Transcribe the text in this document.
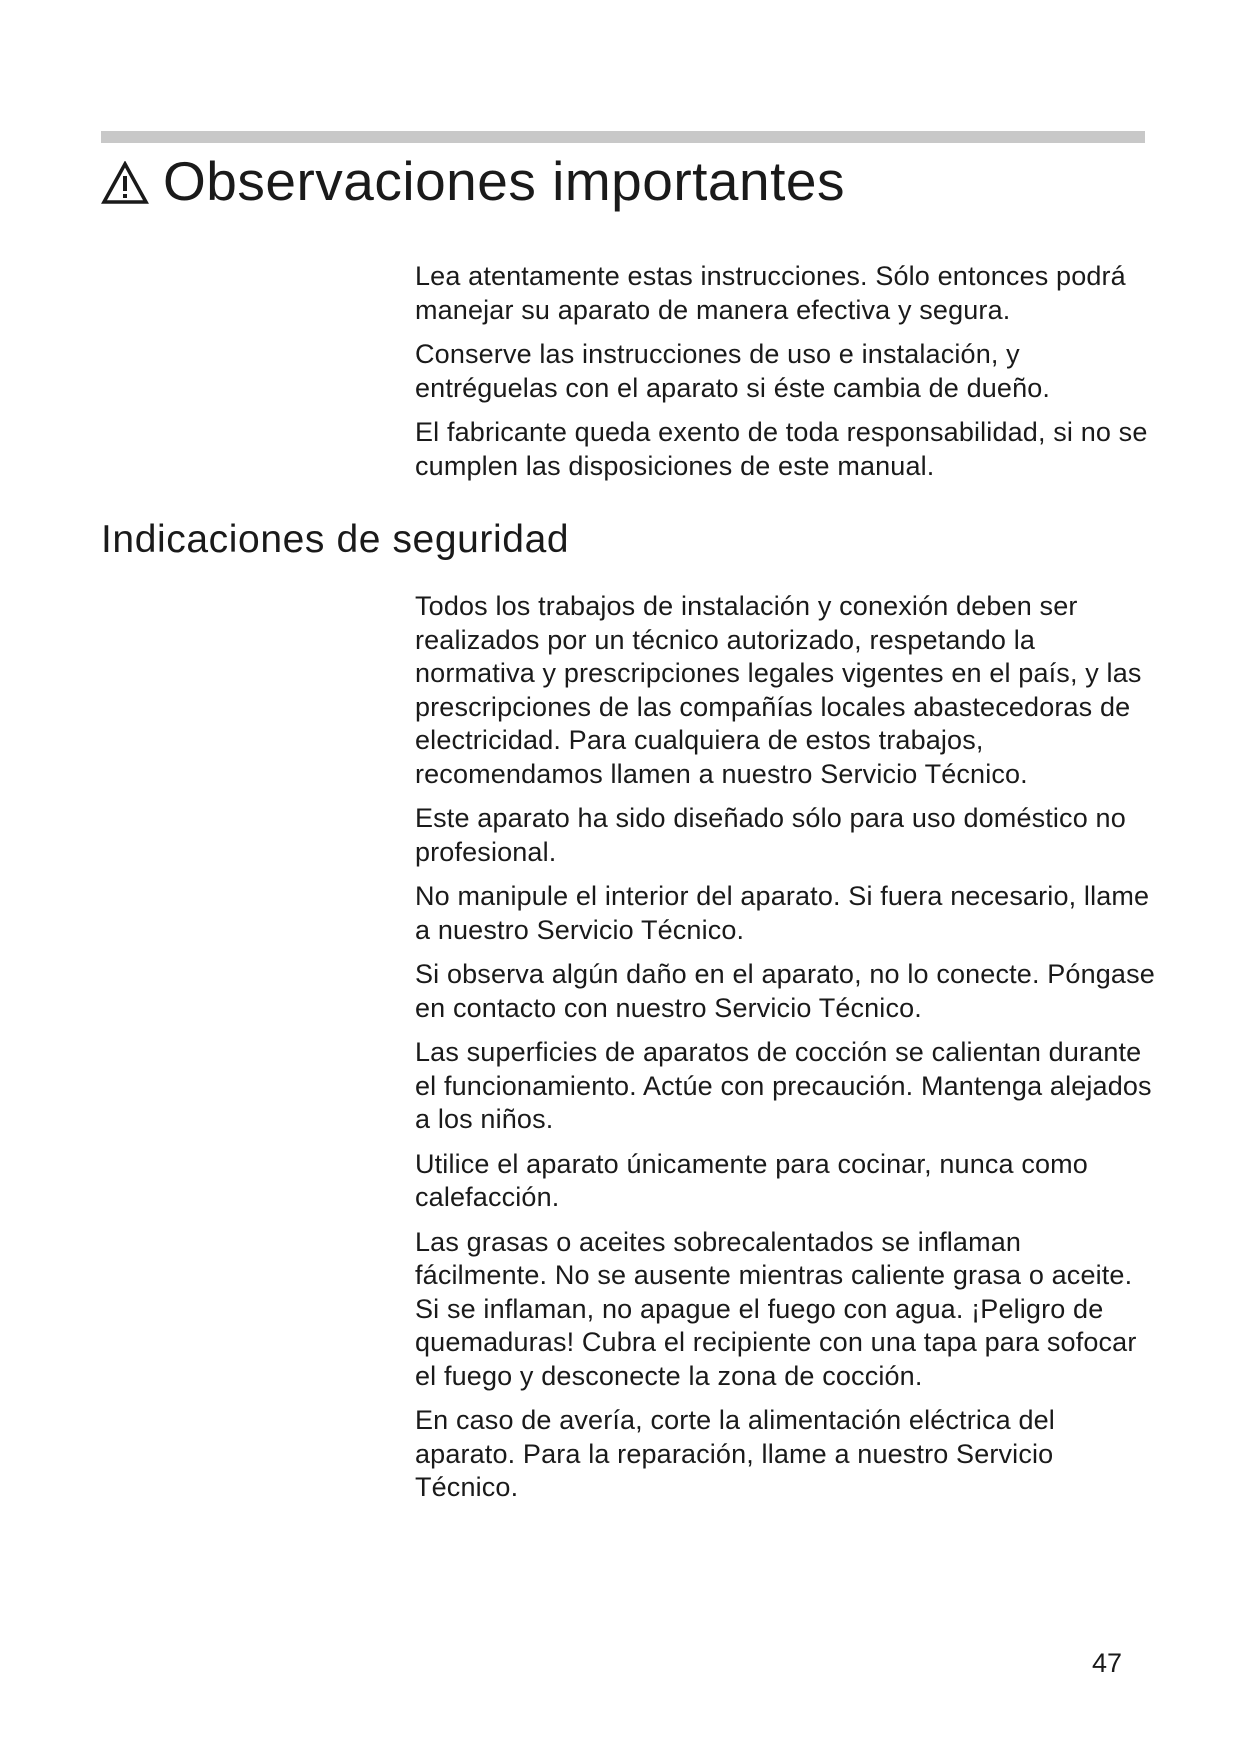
Observaciones importantes

Lea atentamente estas instrucciones. Sólo entonces podrá manejar su aparato de manera efectiva y segura.

Conserve las instrucciones de uso e instalación, y entréguelas con el aparato si éste cambia de dueño.

El fabricante queda exento de toda responsabilidad, si no se cumplen las disposiciones de este manual.

Indicaciones de seguridad

Todos los trabajos de instalación y conexión deben ser realizados por un técnico autorizado, respetando la normativa y prescripciones legales vigentes en el país, y las prescripciones de las compañías locales abastecedoras de electricidad. Para cualquiera de estos trabajos, recomendamos llamen a nuestro Servicio Técnico.

Este aparato ha sido diseñado sólo para uso doméstico no profesional.

No manipule el interior del aparato. Si fuera necesario, llame a nuestro Servicio Técnico.

Si observa algún daño en el aparato, no lo conecte. Póngase en contacto con nuestro Servicio Técnico.

Las superficies de aparatos de cocción se calientan durante el funcionamiento. Actúe con precaución. Mantenga alejados a los niños.

Utilice el aparato únicamente para cocinar, nunca como calefacción.

Las grasas o aceites sobrecalentados se inflaman fácilmente. No se ausente mientras caliente grasa o aceite. Si se inflaman, no apague el fuego con agua. ¡Peligro de quemaduras! Cubra el recipiente con una tapa para sofocar el fuego y desconecte la zona de cocción.

En caso de avería, corte la alimentación eléctrica del aparato. Para la reparación, llame a nuestro Servicio Técnico.

47
